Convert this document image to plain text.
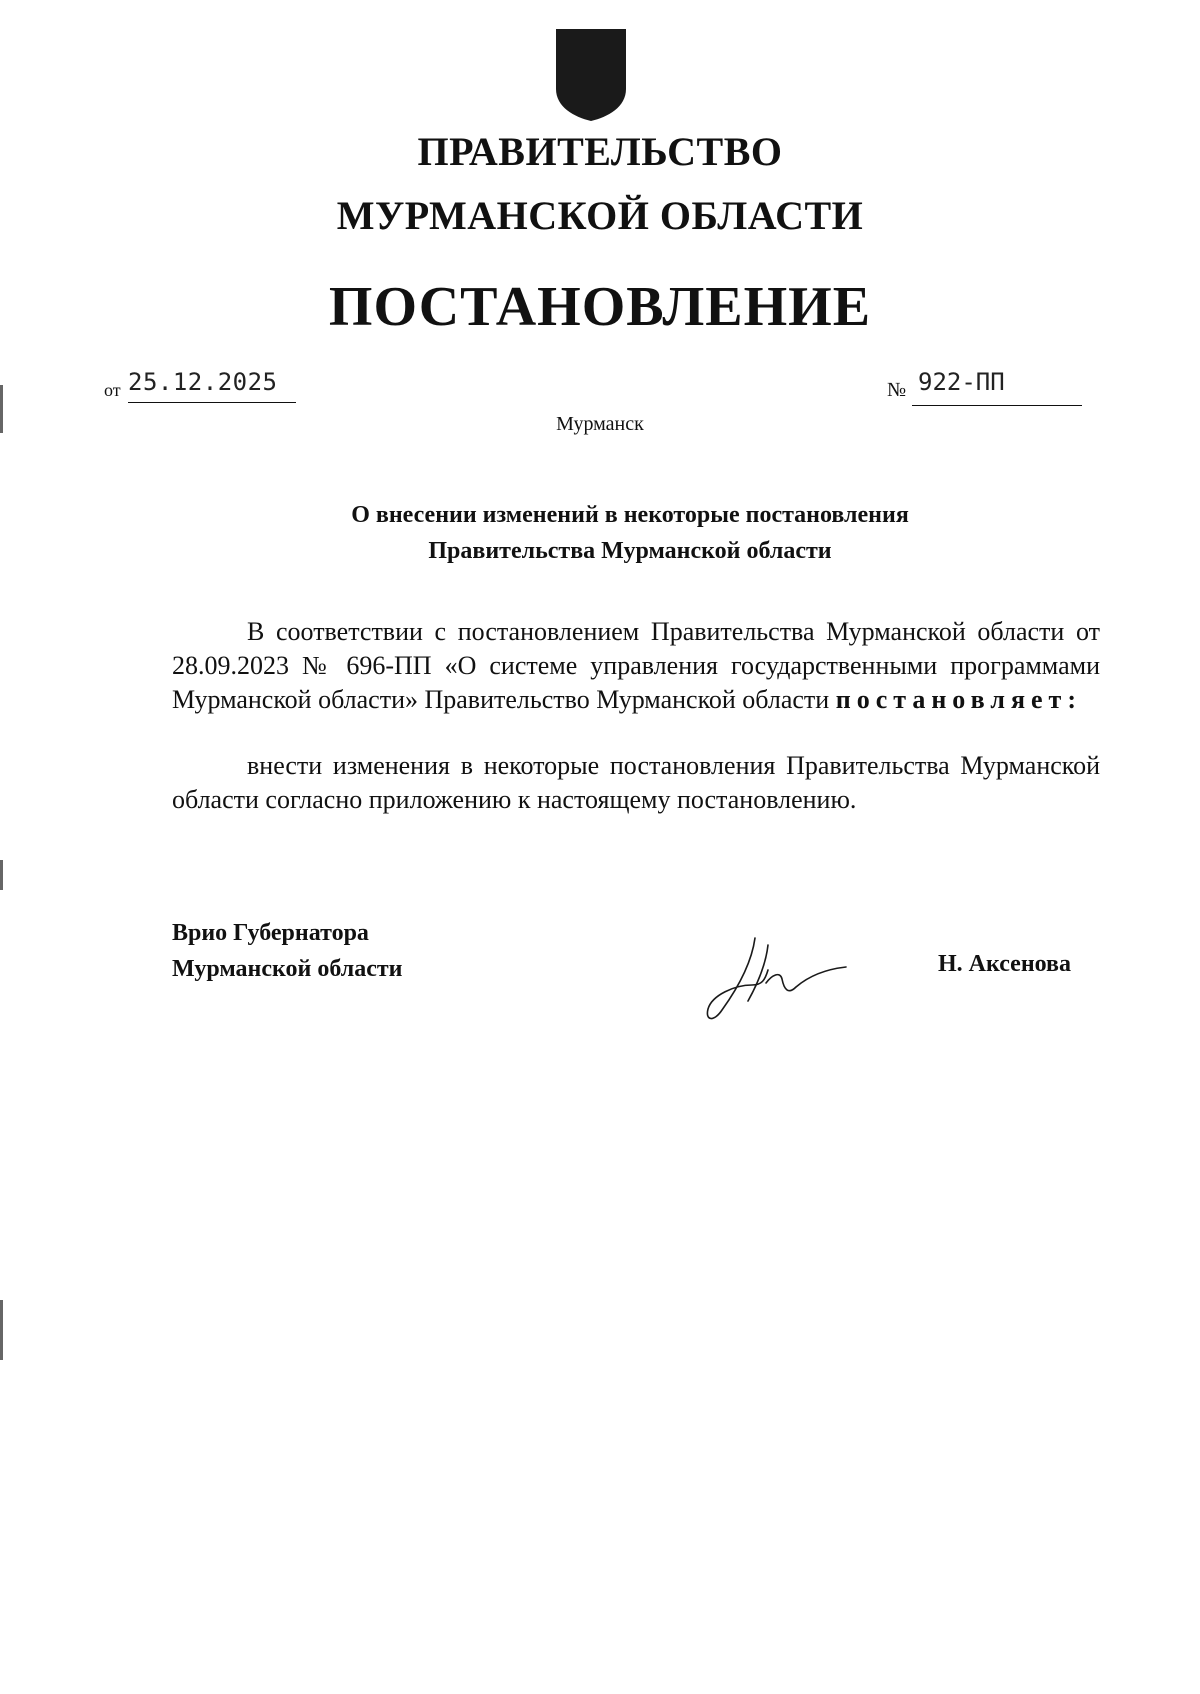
ПРАВИТЕЛЬСТВО
МУРМАНСКОЙ ОБЛАСТИ
ПОСТАНОВЛЕНИЕ
от 25.12.2025	№ 922-ПП
Мурманск
О внесении изменений в некоторые постановления
Правительства Мурманской области
В соответствии с постановлением Правительства Мурманской области от 28.09.2023 № 696-ПП «О системе управления государственными программами Мурманской области» Правительство Мурманской области постановляет:
внести изменения в некоторые постановления Правительства Мурманской области согласно приложению к настоящему постановлению.
Врио Губернатора
Мурманской области	Н. Аксенова
